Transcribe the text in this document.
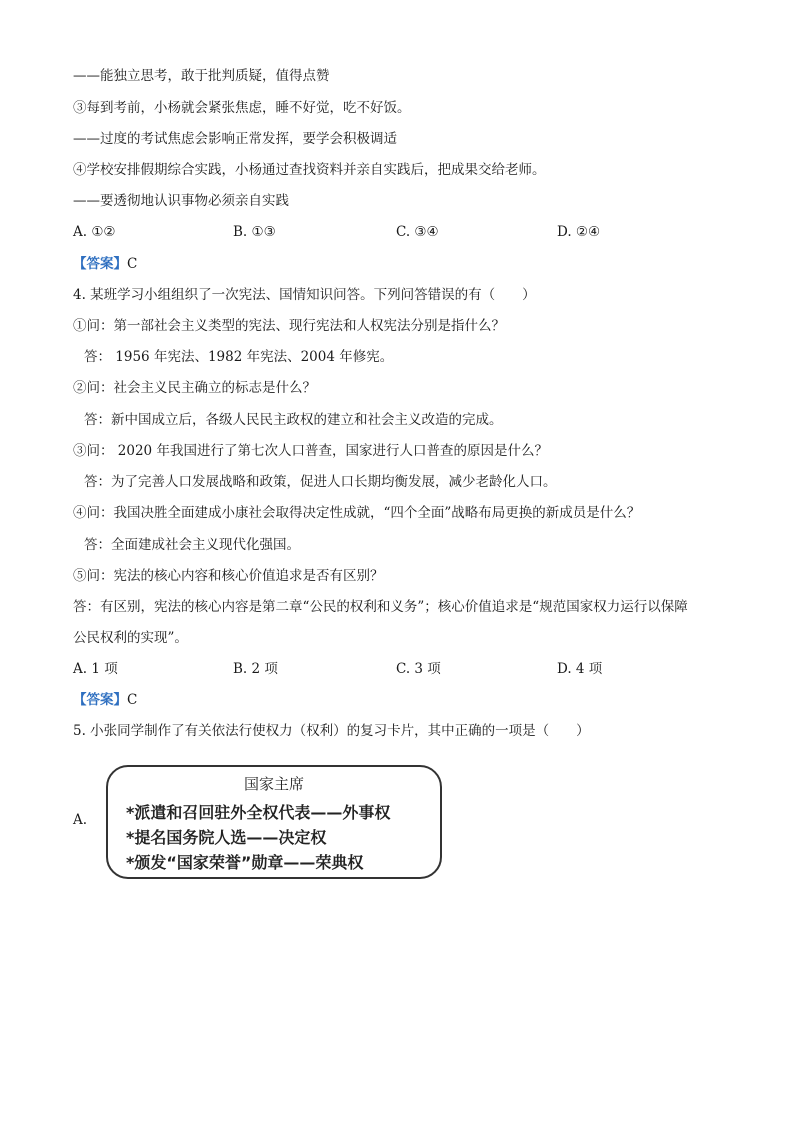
——能独立思考，敢于批判质疑，值得点赞
③每到考前，小杨就会紧张焦虑，睡不好觉，吃不好饭。
——过度的考试焦虑会影响正常发挥，要学会积极调适
④学校安排假期综合实践，小杨通过查找资料并亲自实践后，把成果交给老师。
——要透彻地认识事物必须亲自实践
A. ①②	B. ①③	C. ③④	D. ②④
【答案】C
4. 某班学习小组组织了一次宪法、国情知识问答。下列问答错误的有（　　）
①问：第一部社会主义类型的宪法、现行宪法和人权宪法分别是指什么？
答： 1956 年宪法、1982 年宪法、2004 年修宪。
②问：社会主义民主确立的标志是什么？
答：新中国成立后，各级人民民主政权的建立和社会主义改造的完成。
③问： 2020 年我国进行了第七次人口普查，国家进行人口普查的原因是什么？
答：为了完善人口发展战略和政策，促进人口长期均衡发展，减少老龄化人口。
④问：我国决胜全面建成小康社会取得决定性成就，“四个全面”战略布局更换的新成员是什么？
答：全面建成社会主义现代化强国。
⑤问：宪法的核心内容和核心价值追求是否有区别？
答：有区别，宪法的核心内容是第二章“公民的权利和义务”；核心价值追求是“规范国家权力运行以保障
公民权利的实现”。
A. 1 项	B. 2 项	C. 3 项	D. 4 项
【答案】C
5. 小张同学制作了有关依法行使权力（权利）的复习卡片，其中正确的一项是（　　）
A.
国家主席
*派遣和召回驻外全权代表——外事权
*提名国务院人选——决定权
*颁发“国家荣誉”勋章——荣典权
